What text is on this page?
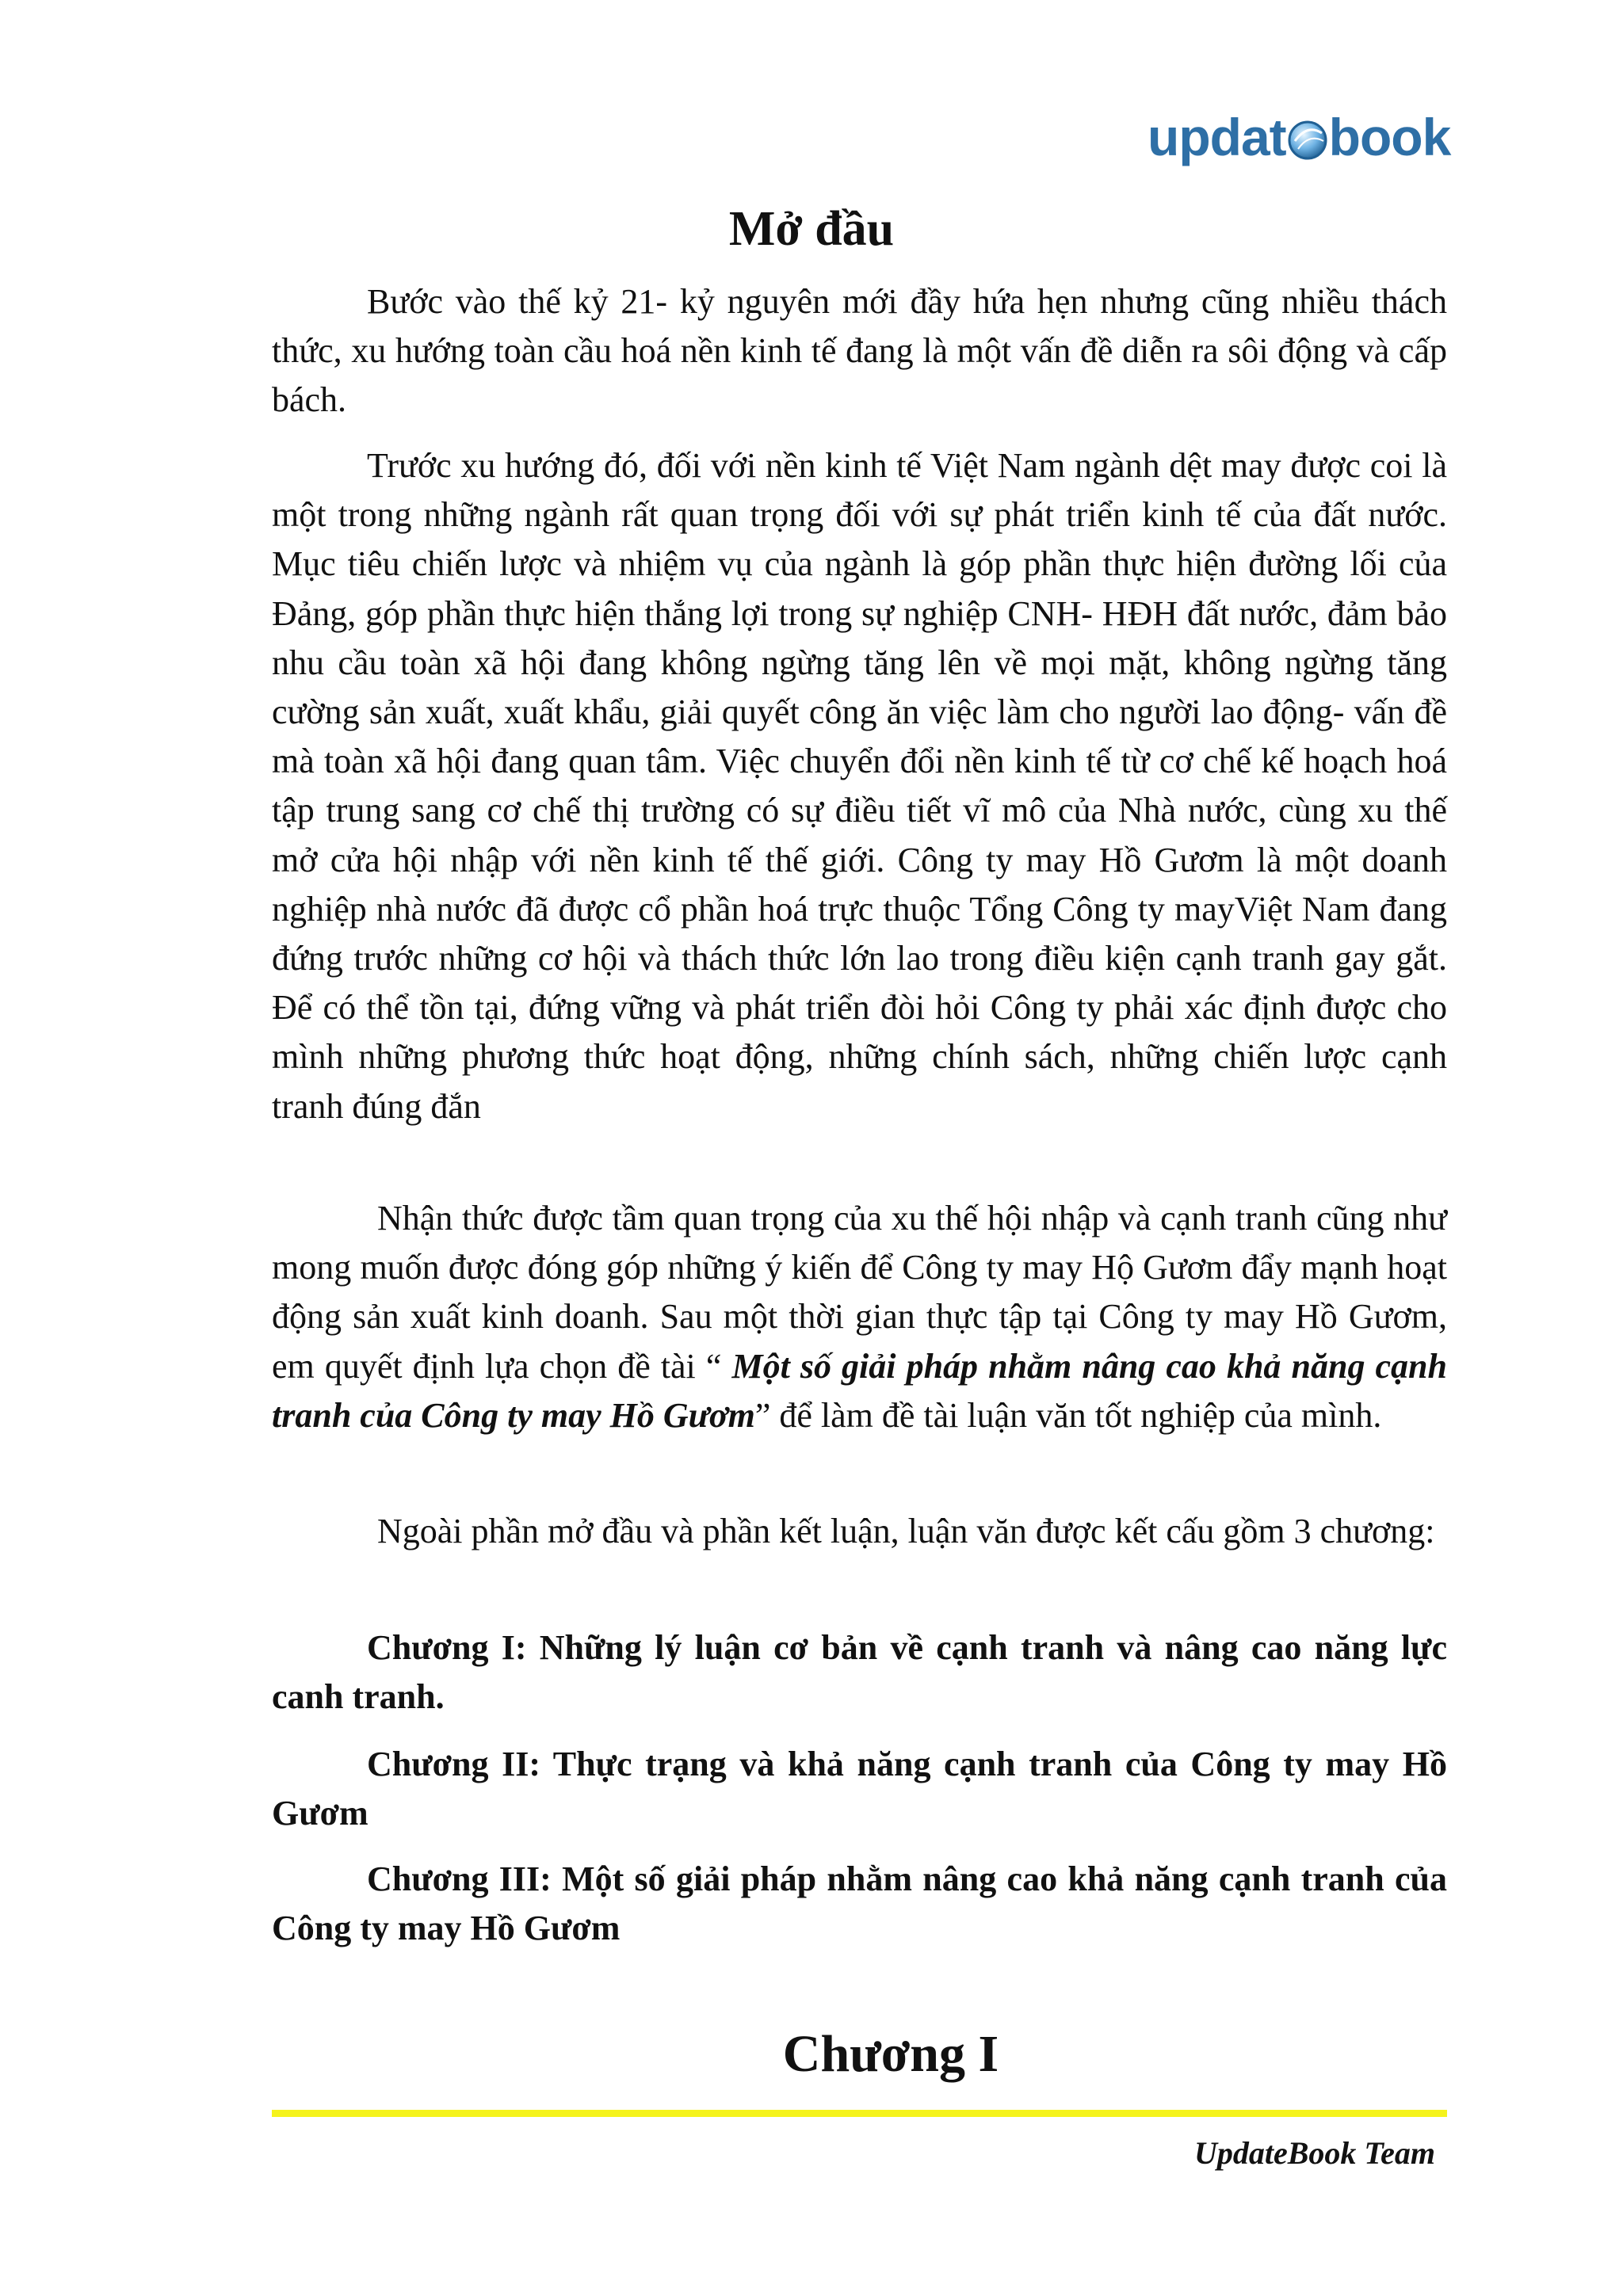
updat book
Mở đầu

Bước vào thế kỷ 21- kỷ nguyên mới đầy hứa hẹn nhưng cũng nhiều thách thức, xu hướng toàn cầu hoá nền kinh tế đang là một vấn đề diễn ra sôi động và cấp bách.

Trước xu hướng đó, đối với nền kinh tế Việt Nam ngành dệt may được coi là một trong những ngành rất quan trọng đối với sự phát triển kinh tế của đất nước. Mục tiêu chiến lược và nhiệm vụ của ngành là góp phần thực hiện đường lối của Đảng, góp phần thực hiện thắng lợi trong sự nghiệp CNH- HĐH đất nước, đảm bảo nhu cầu toàn xã hội đang không ngừng tăng lên về mọi mặt, không ngừng tăng cường sản xuất, xuất khẩu, giải quyết công ăn việc làm cho người lao động- vấn đề mà toàn xã hội đang quan tâm. Việc chuyển đổi nền kinh tế từ cơ chế kế hoạch hoá tập trung sang cơ chế thị trường có sự điều tiết vĩ mô của Nhà nước, cùng xu thế mở cửa hội nhập với nền kinh tế thế giới. Công ty may Hồ Gươm là một doanh nghiệp nhà nước đã được cổ phần hoá trực thuộc Tổng Công ty mayViệt Nam đang đứng trước những cơ hội và thách thức lớn lao trong điều kiện cạnh tranh gay gắt. Để có thể tồn tại, đứng vững và phát triển đòi hỏi Công ty phải xác định được cho mình những phương thức hoạt động, những chính sách, những chiến lược cạnh tranh đúng đắn

Nhận thức được tầm quan trọng của xu thế hội nhập và cạnh tranh cũng như mong muốn được đóng góp những ý kiến để Công ty may Hộ Gươm đẩy mạnh hoạt động sản xuất kinh doanh. Sau một thời gian thực tập tại Công ty may Hồ Gươm, em quyết định lựa chọn đề tài “ Một số giải pháp nhằm nâng cao khả năng cạnh tranh của Công ty may Hồ Gươm” để làm đề tài luận văn tốt nghiệp của mình.

Ngoài phần mở đầu và phần kết luận, luận văn được kết cấu gồm 3 chương:

Chương I: Những lý luận cơ bản về cạnh tranh và nâng cao năng lực canh tranh.

Chương II: Thực trạng và khả năng cạnh tranh của Công ty may Hồ Gươm

Chương III: Một số giải pháp nhằm nâng cao khả năng cạnh tranh của Công ty may Hồ Gươm

Chương I
UpdateBook Team
